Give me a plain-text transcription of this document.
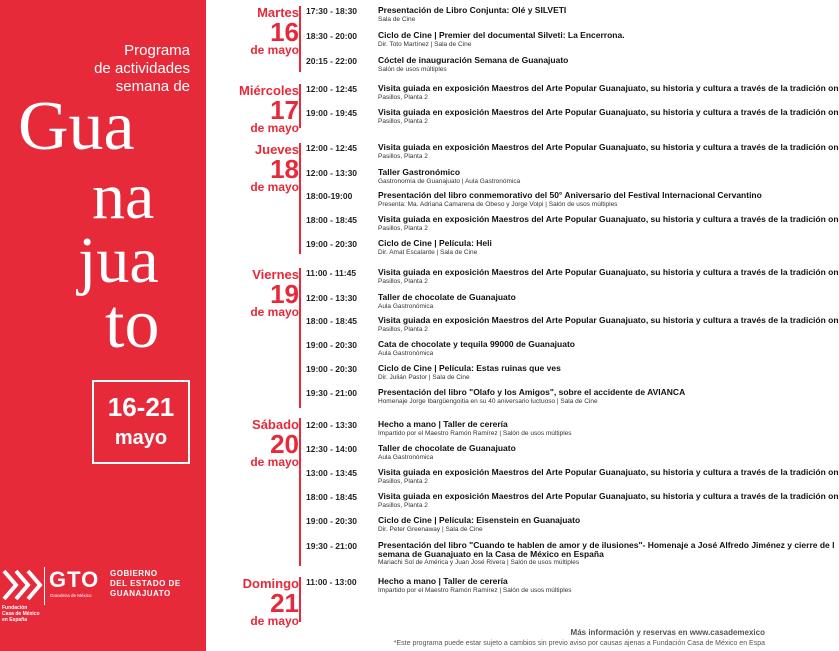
Programa
de actividades
semana de
Gua
na
jua
to
16-21
mayo
Fundación
Casa de México
en España
GTO
Grandeza de México
GOBIERNO
DEL ESTADO DE
GUANAJUATO
Martes
16
de mayo
17:30 - 18:30 Presentación de Libro Conjunta: Olé y SILVETI
Sala de Cine
18:30 - 20:00 Ciclo de Cine | Premier del documental Silveti: La Encerrona.
Dir. Toto Martínez | Sala de Cine
20:15 - 22:00 Cóctel de inauguración Semana de Guanajuato
Salón de usos múltiples
Miércoles
17
de mayo
12:00 - 12:45 Visita guiada en exposición Maestros del Arte Popular Guanajuato, su historia y cultura a través de la tradición on
Pasillos, Planta 2
19:00 - 19:45 Visita guiada en exposición Maestros del Arte Popular Guanajuato, su historia y cultura a través de la tradición on
Pasillos, Planta 2
Jueves
18
de mayo
12:00 - 12:45 Visita guiada en exposición Maestros del Arte Popular Guanajuato, su historia y cultura a través de la tradición on
Pasillos, Planta 2
12:00 - 13:30 Taller Gastronómico
Gastronomía de Guanajuato | Aula Gastronómica
18:00-19:00	Presentación del libro conmemorativo del 50° Aniversario del Festival Internacional Cervantino
Presenta: Ma. Adriana Camarena de Obeso y Jorge Volpi | Salón de usos múltiples
18:00 - 18:45 Visita guiada en exposición Maestros del Arte Popular Guanajuato, su historia y cultura a través de la tradición on
Pasillos, Planta 2
19:00 - 20:30 Ciclo de Cine | Película: Heli
Dir. Amat Escalante | Sala de Cine
Viernes
19
de mayo
11:00 - 11:45	Visita guiada en exposición Maestros del Arte Popular Guanajuato, su historia y cultura a través de la tradición on
Pasillos, Planta 2
12:00 - 13:30 Taller de chocolate de Guanajuato
Aula Gastronómica
18:00 - 18:45 Visita guiada en exposición Maestros del Arte Popular Guanajuato, su historia y cultura a través de la tradición on
Pasillos, Planta 2
19:00 - 20:30 Cata de chocolate y tequila 99000 de Guanajuato
Aula Gastronómica
19:00 - 20:30 Ciclo de Cine | Película: Estas ruinas que ves
Dir. Julián Pastor | Sala de Cine
19:30 - 21:00 Presentación del libro "Olafo y los Amigos", sobre el accidente de AVIANCA
Homenaje Jorge Ibargüengoitia en su 40 aniversario luctuoso | Sala de Cine
Sábado
20
de mayo
12:00 - 13:30 Hecho a mano | Taller de cerería
Impartido por el Maestro Ramón Ramírez | Salón de usos múltiples
12:30 - 14:00 Taller de chocolate de Guanajuato
Aula Gastronómica
13:00 - 13:45 Visita guiada en exposición Maestros del Arte Popular Guanajuato, su historia y cultura a través de la tradición on
Pasillos, Planta 2
18:00 - 18:45 Visita guiada en exposición Maestros del Arte Popular Guanajuato, su historia y cultura a través de la tradición on
Pasillos, Planta 2
19:00 - 20:30 Ciclo de Cine | Película: Eisenstein en Guanajuato
Dir. Peter Greenaway | Sala de Cine
19:30 - 21:00 Presentación del libro "Cuando te hablen de amor y de ilusiones"- Homenaje a José Alfredo Jiménez y cierre de l
semana de Guanajuato en la Casa de México en España
Mariachi Sol de América y Juan José Rivera | Salón de usos múltiples
Domingo
21
de mayo
11:00 - 13:00	Hecho a mano | Taller de cerería
Impartido por el Maestro Ramón Ramírez | Salón de usos múltiples
Más información y reservas en www.casademexico
*Este programa puede estar sujeto a cambios sin previo aviso por causas ajenas a Fundación Casa de México en Espa
